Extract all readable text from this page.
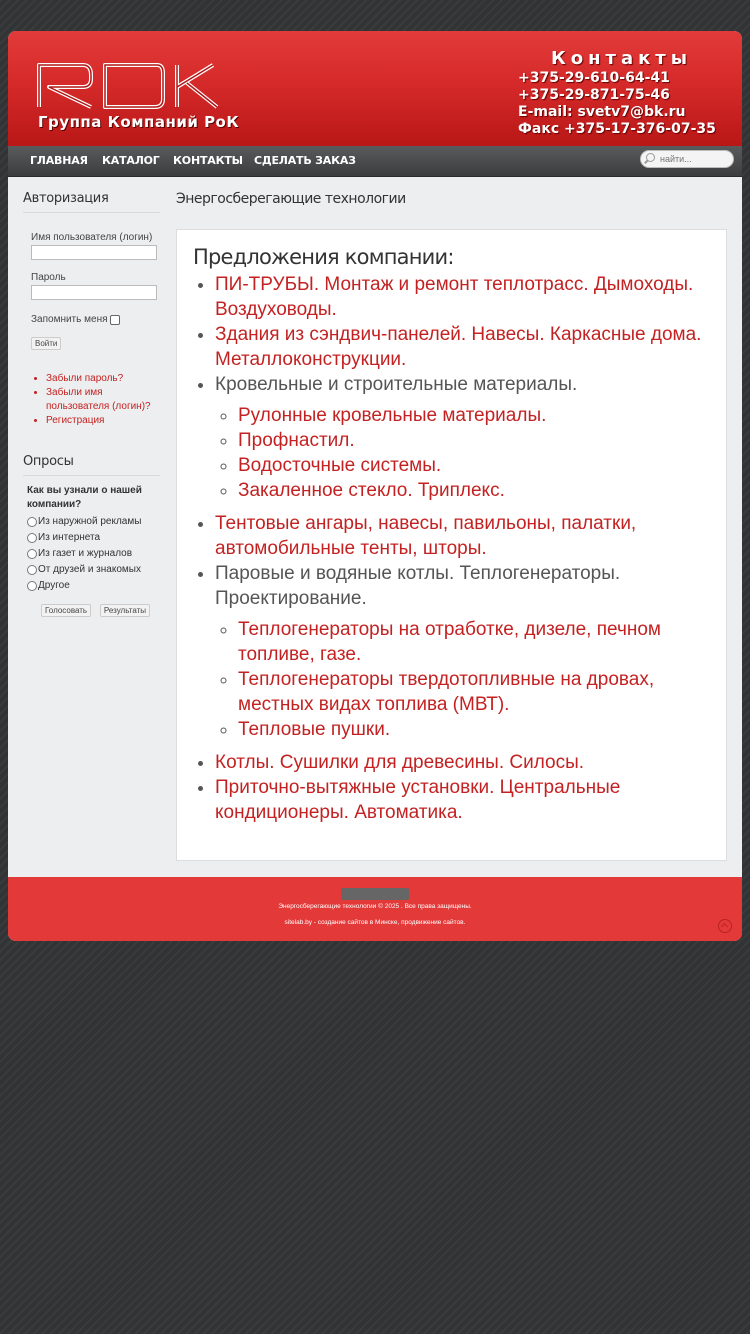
Группа Компаний РоК
Контакты
+375-29-610-64-41
+375-29-871-75-46
E-mail: svetv7@bk.ru
Факс +375-17-376-07-35
ГЛАВНАЯ КАТАЛОГ КОНТАКТЫ СДЕЛАТЬ ЗАКАЗ
найти...
Авторизация
Имя пользователя (логин)
Пароль
Запомнить меня
Войти
• Забыли пароль?
• Забыли имя пользователя (логин)?
• Регистрация
Опросы
Как вы узнали о нашей компании?
Из наружной рекламы
Из интернета
Из газет и журналов
От друзей и знакомых
Другое
Голосовать Результаты
Энергосберегающие технологии
Предложения компании:
• ПИ-ТРУБЫ. Монтаж и ремонт теплотрасс. Дымоходы. Воздуховоды.
• Здания из сэндвич-панелей. Навесы. Каркасные дома. Металлоконструкции.
• Кровельные и строительные материалы.
◦ Рулонные кровельные материалы.
◦ Профнастил.
◦ Водосточные системы.
◦ Закаленное стекло. Триплекс.
• Тентовые ангары, навесы, павильоны, палатки, автомобильные тенты, шторы.
• Паровые и водяные котлы. Теплогенераторы. Проектирование.
◦ Теплогенераторы на отработке, дизеле, печном топливе, газе.
◦ Теплогенераторы твердотопливные на дровах, местных видах топлива (МВТ).
◦ Тепловые пушки.
• Котлы. Сушилки для древесины. Силосы.
• Приточно-вытяжные установки. Центральные кондиционеры. Автоматика.
Энергосберегающие технологии © 2025 . Все права защищены.
sitelab.by - создание сайтов в Минске, продвижение сайтов.
